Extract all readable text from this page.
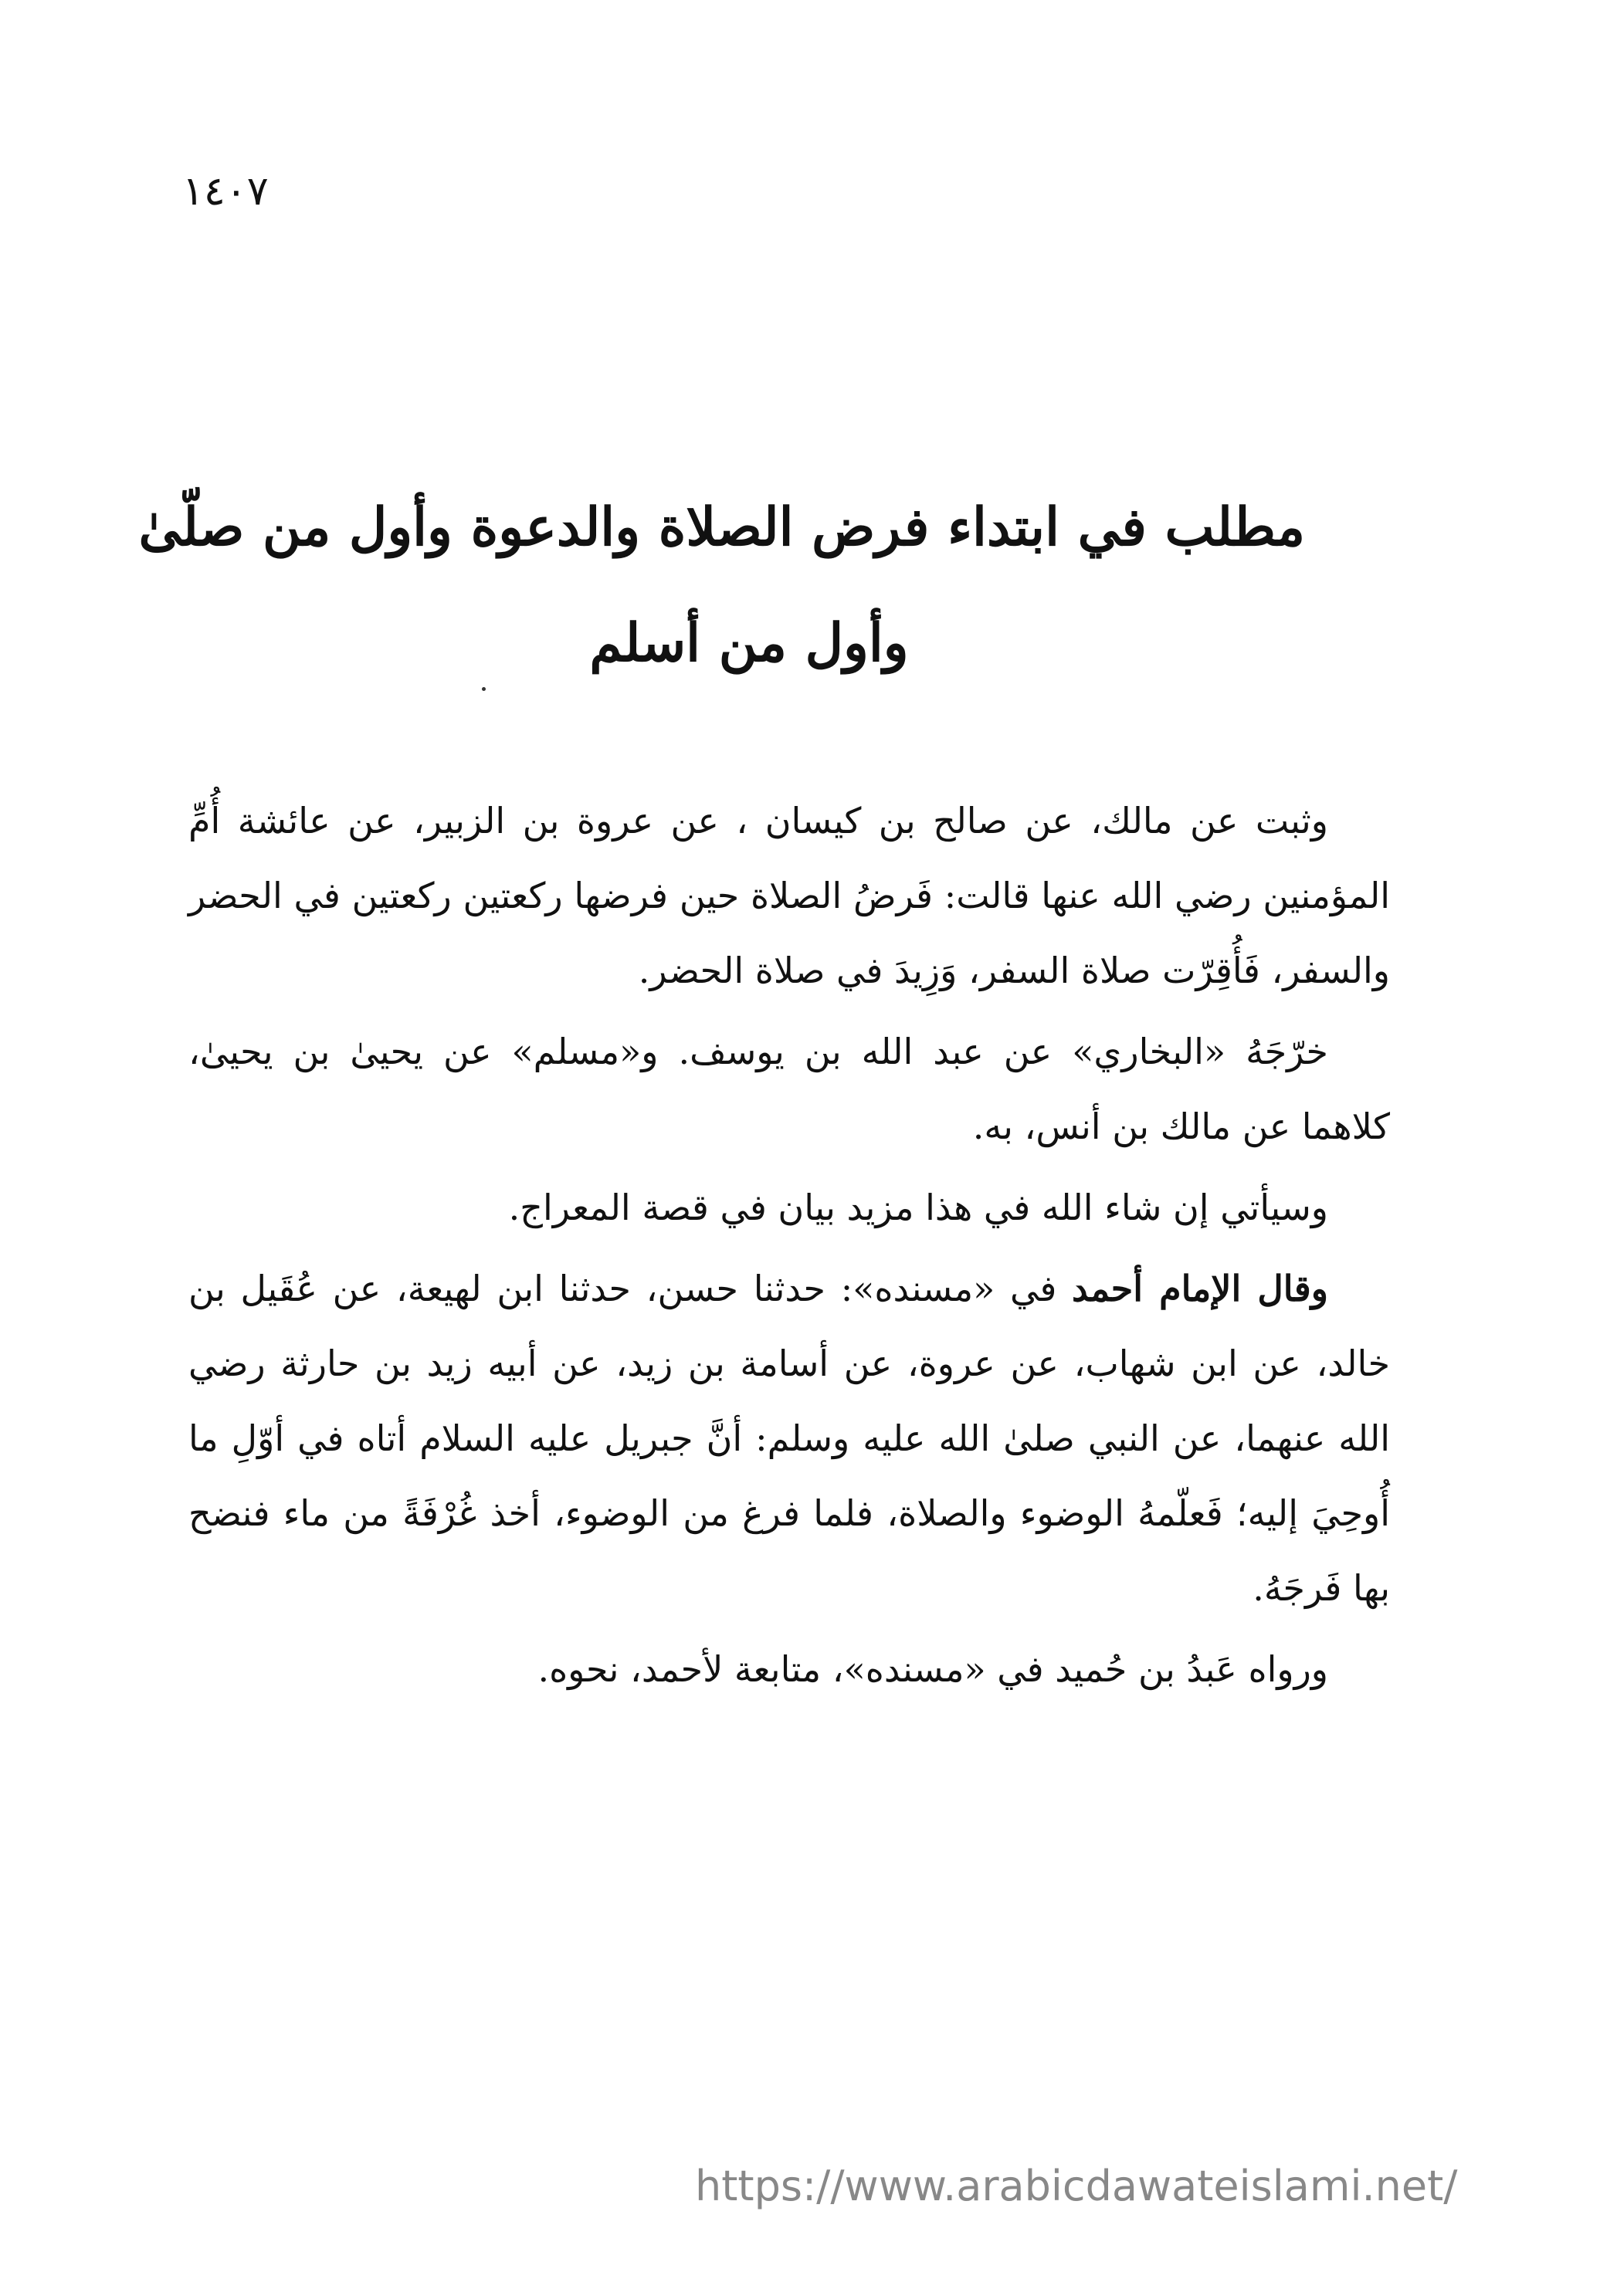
١٤٠٧
مطلب في ابتداء فرض الصلاة والدعوة وأول من صلّىٰ
وأول من أسلم

وثبت عن مالك، عن صالح بن كيسان ، عن عروة بن الزبير، عن عائشة أُمِّ المؤمنين رضي الله عنها قالت: فَرضُ الصلاة حين فرضها ركعتين ركعتين في الحضر والسفر، فَأُقِرّت صلاة السفر، وَزِيدَ في صلاة الحضر.

خرّجَهُ «البخاري» عن عبد الله بن يوسف. و«مسلم» عن يحيىٰ بن يحيىٰ، كلاهما عن مالك بن أنس، به.

وسيأتي إن شاء الله في هذا مزيد بيان في قصة المعراج.

وقال الإمام أحمد في «مسنده»: حدثنا حسن، حدثنا ابن لهيعة، عن عُقَيل بن خالد، عن ابن شهاب، عن عروة، عن أسامة بن زيد، عن أبيه زيد بن حارثة رضي الله عنهما، عن النبي صلىٰ الله عليه وسلم: أنَّ جبريل عليه السلام أتاه في أوّلِ ما أُوحِيَ إليه؛ فَعلّمهُ الوضوء والصلاة، فلما فرغ من الوضوء، أخذ غُرْفَةً من ماء فنضح بها فَرجَهُ.

ورواه عَبدُ بن حُميد في «مسنده»، متابعة لأحمد، نحوه.

https://www.arabicdawateislami.net/
